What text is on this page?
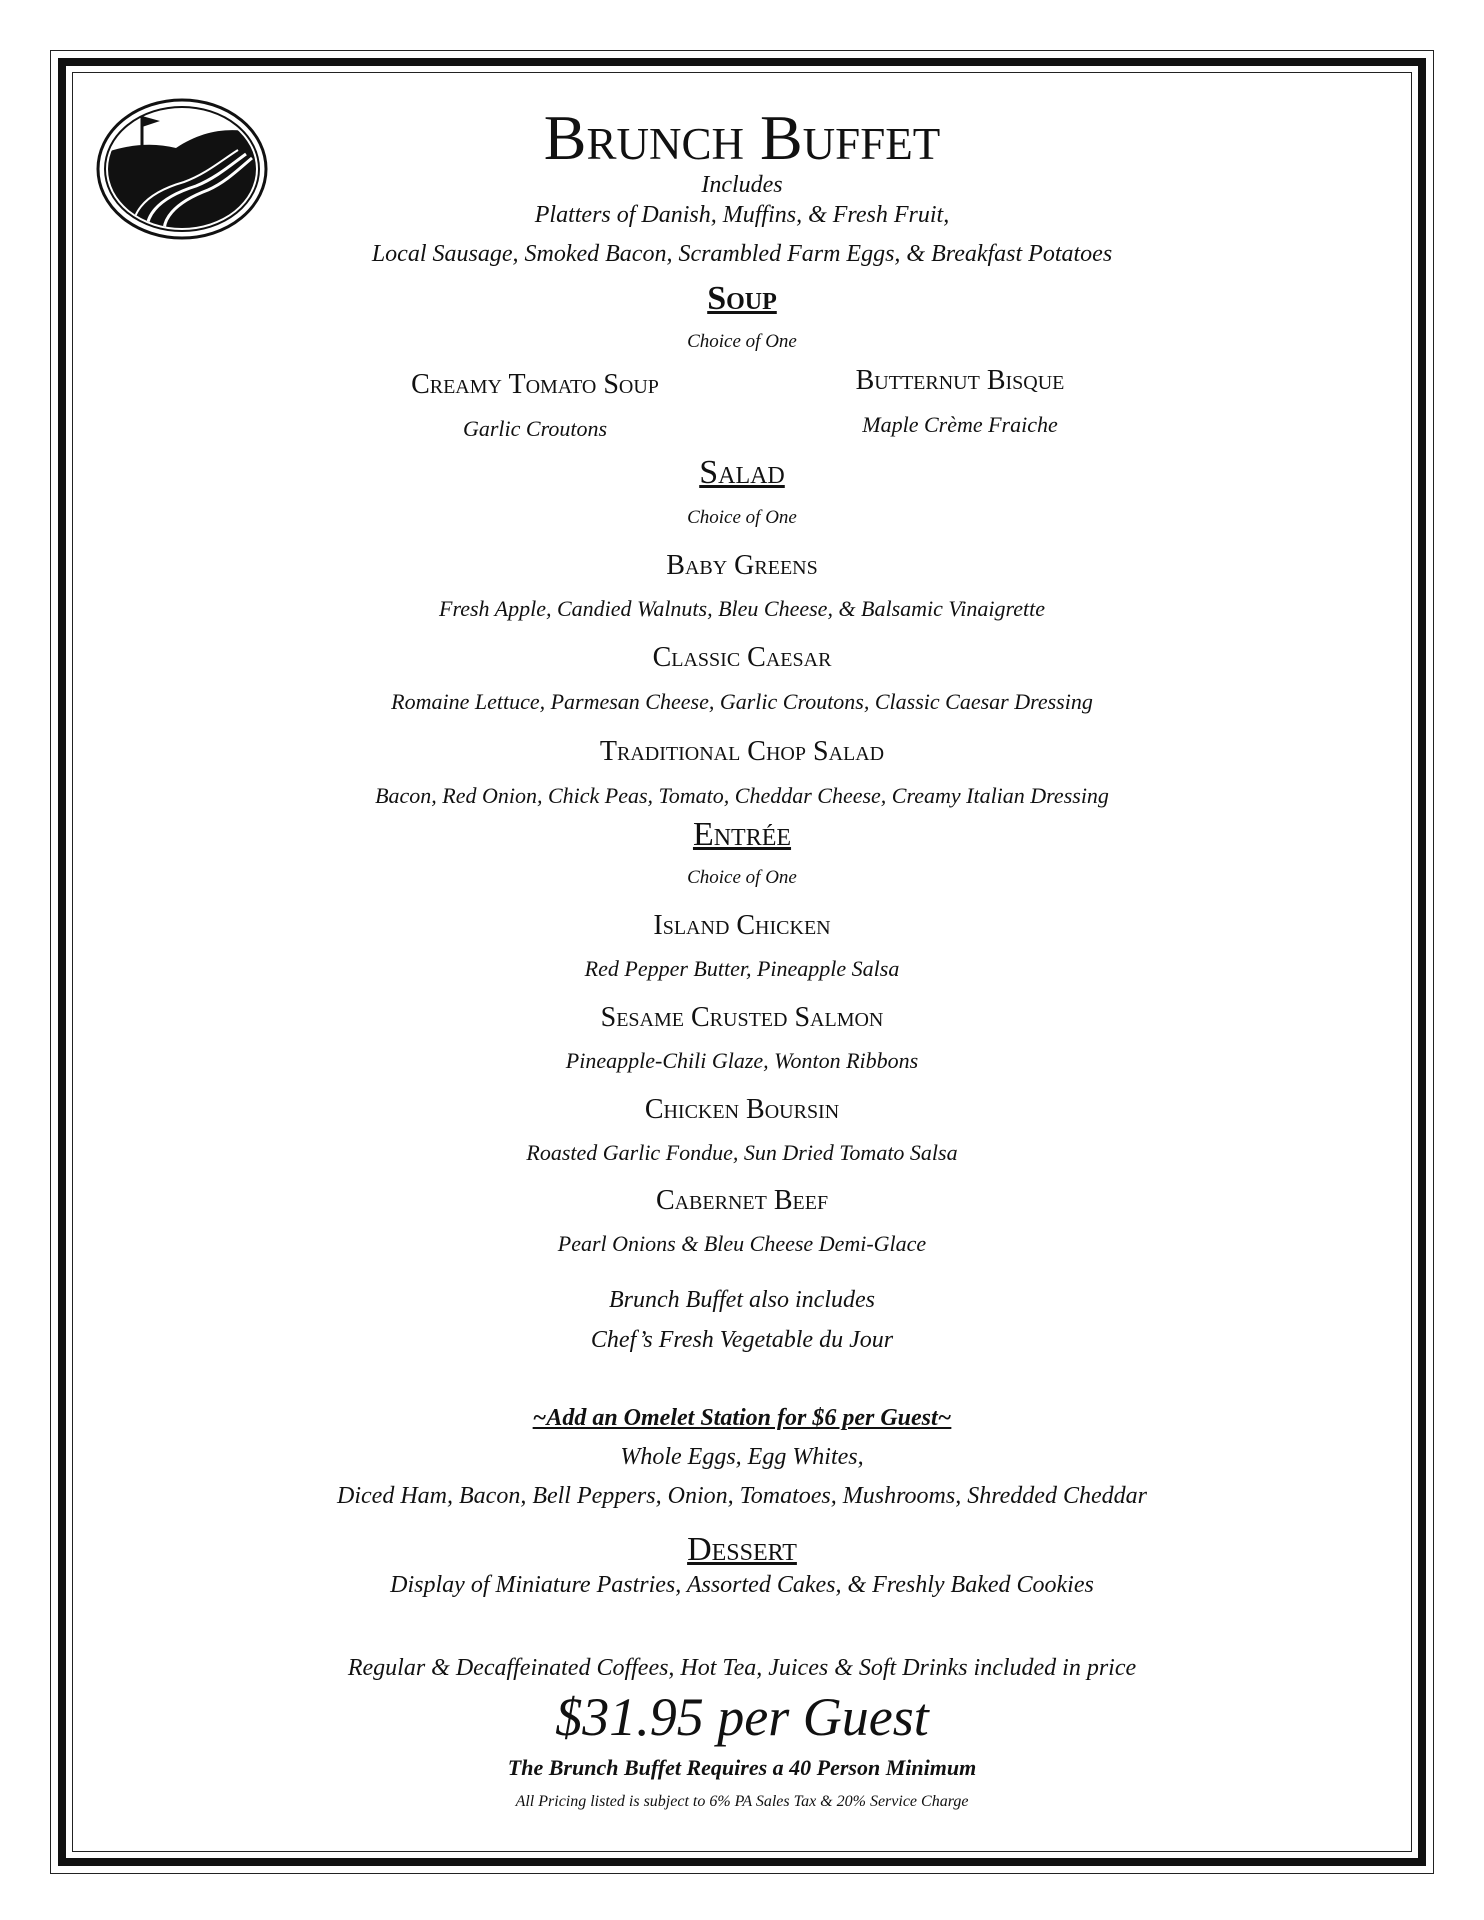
Brunch Buffet
Includes
Platters of Danish, Muffins, & Fresh Fruit,
Local Sausage, Smoked Bacon, Scrambled Farm Eggs, & Breakfast Potatoes
Soup
Choice of One
Creamy Tomato Soup
Garlic Croutons
Butternut Bisque
Maple Crème Fraiche
Salad
Choice of One
Baby Greens
Fresh Apple, Candied Walnuts, Bleu Cheese, & Balsamic Vinaigrette
Classic Caesar
Romaine Lettuce, Parmesan Cheese, Garlic Croutons, Classic Caesar Dressing
Traditional Chop Salad
Bacon, Red Onion, Chick Peas, Tomato, Cheddar Cheese, Creamy Italian Dressing
Entrée
Choice of One
Island Chicken
Red Pepper Butter, Pineapple Salsa
Sesame Crusted Salmon
Pineapple-Chili Glaze, Wonton Ribbons
Chicken Boursin
Roasted Garlic Fondue, Sun Dried Tomato Salsa
Cabernet Beef
Pearl Onions & Bleu Cheese Demi-Glace
Brunch Buffet also includes
Chef’s Fresh Vegetable du Jour
~Add an Omelet Station for $6 per Guest~
Whole Eggs, Egg Whites,
Diced Ham, Bacon, Bell Peppers, Onion, Tomatoes, Mushrooms, Shredded Cheddar
Dessert
Display of Miniature Pastries, Assorted Cakes, & Freshly Baked Cookies
Regular & Decaffeinated Coffees, Hot Tea, Juices & Soft Drinks included in price
$31.95 per Guest
The Brunch Buffet Requires a 40 Person Minimum
All Pricing listed is subject to 6% PA Sales Tax & 20% Service Charge
